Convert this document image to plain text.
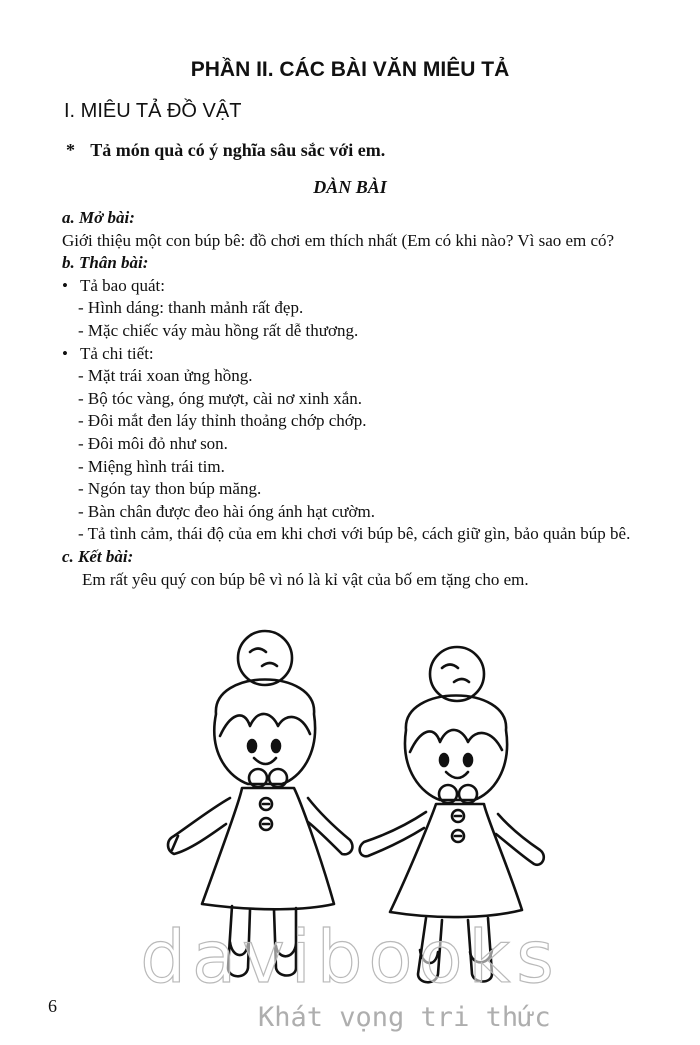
PHẦN II. CÁC BÀI VĂN MIÊU TẢ
I. MIÊU TẢ ĐỒ VẬT
* Tả món quà có ý nghĩa sâu sắc với em.
DÀN BÀI
a. Mở bài:
Giới thiệu một con búp bê: đồ chơi em thích nhất (Em có khi nào? Vì sao em có?
b. Thân bài:
• Tả bao quát:
- Hình dáng: thanh mảnh rất đẹp.
- Mặc chiếc váy màu hồng rất dễ thương.
• Tả chi tiết:
- Mặt trái xoan ửng hồng.
- Bộ tóc vàng, óng mượt, cài nơ xinh xắn.
- Đôi mắt đen láy thỉnh thoảng chớp chớp.
- Đôi môi đỏ như son.
- Miệng hình trái tim.
- Ngón tay thon búp măng.
- Bàn chân được đeo hài óng ánh hạt cườm.
- Tả tình cảm, thái độ của em khi chơi với búp bê, cách giữ gìn, bảo quản búp bê.
c. Kết bài:
Em rất yêu quý con búp bê vì nó là kỉ vật của bố em tặng cho em.
davibooks
Khát vọng tri thức
6
